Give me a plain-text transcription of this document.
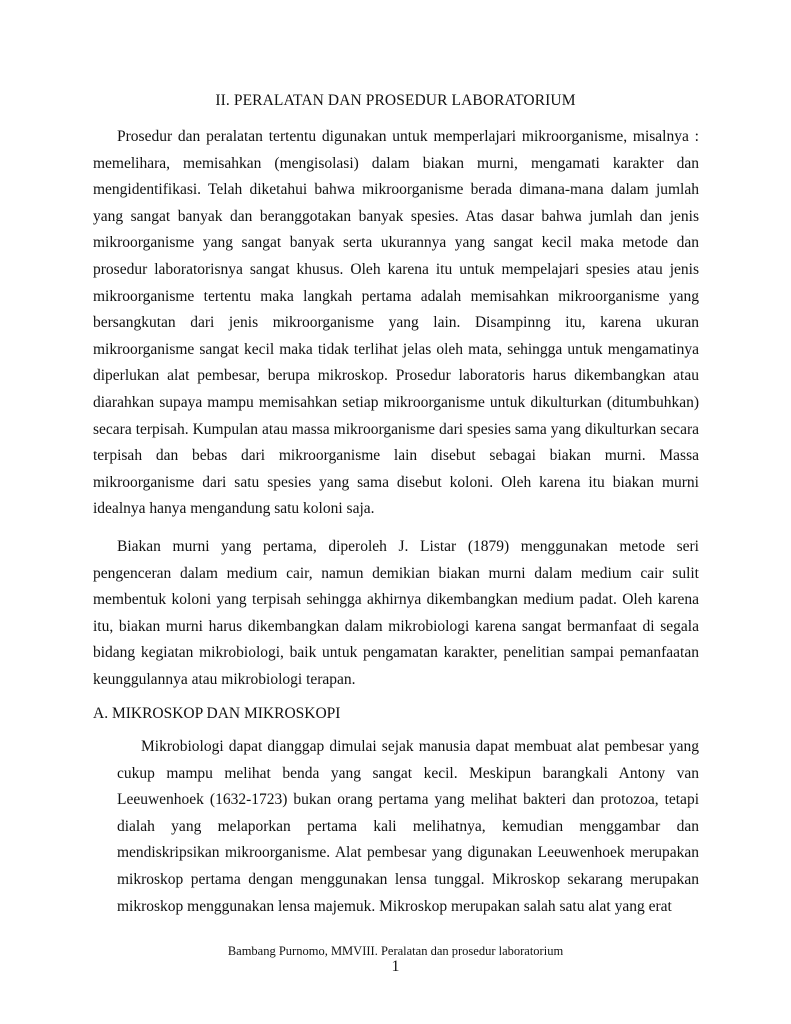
II. PERALATAN DAN PROSEDUR LABORATORIUM

Prosedur dan peralatan tertentu digunakan untuk memperlajari mikroorganisme, misalnya : memelihara, memisahkan (mengisolasi) dalam biakan murni, mengamati karakter dan mengidentifikasi. Telah diketahui bahwa mikroorganisme berada dimana-mana dalam jumlah yang sangat banyak dan beranggotakan banyak spesies. Atas dasar bahwa jumlah dan jenis mikroorganisme yang sangat banyak serta ukurannya yang sangat kecil maka metode dan prosedur laboratorisnya sangat khusus. Oleh karena itu untuk mempelajari spesies atau jenis mikroorganisme tertentu maka langkah pertama adalah memisahkan mikroorganisme yang bersangkutan dari jenis mikroorganisme yang lain. Disampinng itu, karena ukuran mikroorganisme sangat kecil maka tidak terlihat jelas oleh mata, sehingga untuk mengamatinya diperlukan alat pembesar, berupa mikroskop. Prosedur laboratoris harus dikembangkan atau diarahkan supaya mampu memisahkan setiap mikroorganisme untuk dikulturkan (ditumbuhkan) secara terpisah. Kumpulan atau massa mikroorganisme dari spesies sama yang dikulturkan secara terpisah dan bebas dari mikroorganisme lain disebut sebagai biakan murni. Massa mikroorganisme dari satu spesies yang sama disebut koloni. Oleh karena itu biakan murni idealnya hanya mengandung satu koloni saja.

Biakan murni yang pertama, diperoleh J. Listar (1879) menggunakan metode seri pengenceran dalam medium cair, namun demikian biakan murni dalam medium cair sulit membentuk koloni yang terpisah sehingga akhirnya dikembangkan medium padat. Oleh karena itu, biakan murni harus dikembangkan dalam mikrobiologi karena sangat bermanfaat di segala bidang kegiatan mikrobiologi, baik untuk pengamatan karakter, penelitian sampai pemanfaatan keunggulannya atau mikrobiologi terapan.

A. MIKROSKOP DAN MIKROSKOPI

Mikrobiologi dapat dianggap dimulai sejak manusia dapat membuat alat pembesar yang cukup mampu melihat benda yang sangat kecil. Meskipun barangkali Antony van Leeuwenhoek (1632-1723) bukan orang pertama yang melihat bakteri dan protozoa, tetapi dialah yang melaporkan pertama kali melihatnya, kemudian menggambar dan mendiskripsikan mikroorganisme. Alat pembesar yang digunakan Leeuwenhoek merupakan mikroskop pertama dengan menggunakan lensa tunggal. Mikroskop sekarang merupakan mikroskop menggunakan lensa majemuk. Mikroskop merupakan salah satu alat yang erat

Bambang Purnomo, MMVIII. Peralatan dan prosedur laboratorium
1
